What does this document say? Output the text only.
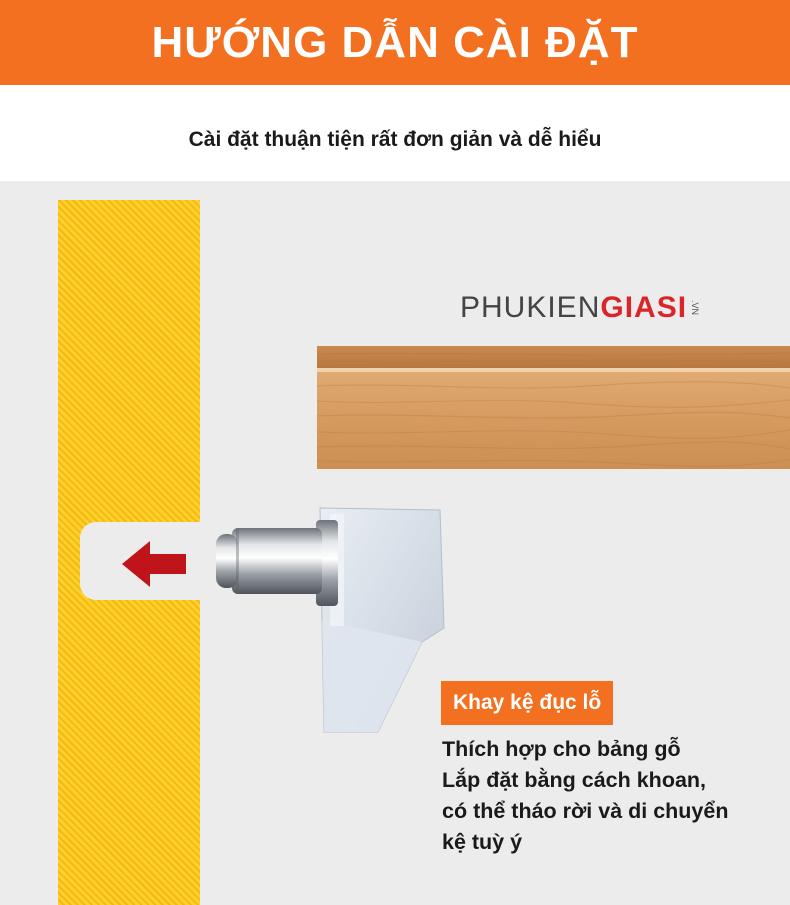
HƯỚNG DẪN CÀI ĐẶT
Cài đặt thuận tiện rất đơn giản và dễ hiểu
PHUKIEN GIASI .VN
Khay kệ đục lỗ
Thích hợp cho bảng gỗ
Lắp đặt bằng cách khoan,
có thể tháo rời và di chuyển
kệ tuỳ ý
